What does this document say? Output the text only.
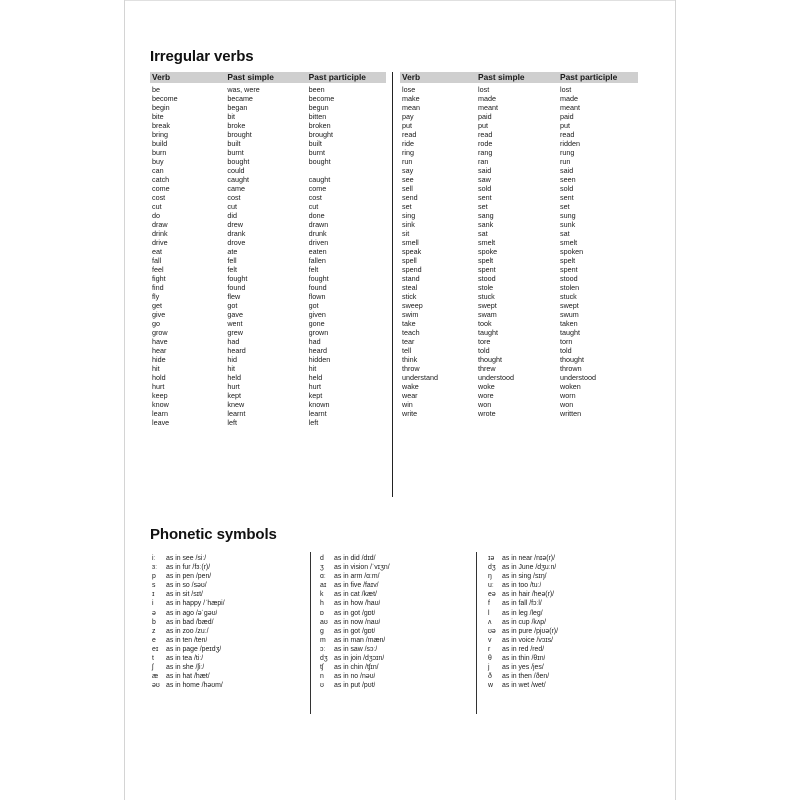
Irregular verbs
Verb	Past simple	Past participle
be	was, were	been
become	became	become
begin	began	begun
bite	bit	bitten
break	broke	broken
bring	brought	brought
build	built	built
burn	burnt	burnt
buy	bought	bought
can	could
catch	caught	caught
come	came	come
cost	cost	cost
cut	cut	cut
do	did	done
draw	drew	drawn
drink	drank	drunk
drive	drove	driven
eat	ate	eaten
fall	fell	fallen
feel	felt	felt
fight	fought	fought
find	found	found
fly	flew	flown
get	got	got
give	gave	given
go	went	gone
grow	grew	grown
have	had	had
hear	heard	heard
hide	hid	hidden
hit	hit	hit
hold	held	held
hurt	hurt	hurt
keep	kept	kept
know	knew	known
learn	learnt	learnt
leave	left	left
Verb	Past simple	Past participle
lose	lost	lost
make	made	made
mean	meant	meant
pay	paid	paid
put	put	put
read	read	read
ride	rode	ridden
ring	rang	rung
run	ran	run
say	said	said
see	saw	seen
sell	sold	sold
send	sent	sent
set	set	set
sing	sang	sung
sink	sank	sunk
sit	sat	sat
smell	smelt	smelt
speak	spoke	spoken
spell	spelt	spelt
spend	spent	spent
stand	stood	stood
steal	stole	stolen
stick	stuck	stuck
sweep	swept	swept
swim	swam	swum
take	took	taken
teach	taught	taught
tear	tore	torn
tell	told	told
think	thought	thought
throw	threw	thrown
understand	understood	understood
wake	woke	woken
wear	wore	worn
win	won	won
write	wrote	written
Phonetic symbols
iː	as in see /siː/
ɜː	as in fur /fɜː(r)/
p	as in pen /pen/
s	as in so /səʊ/
ɪ	as in sit /sɪt/
i	as in happy /ˈhæpi/
ə	as in ago /əˈgəʊ/
b	as in bad /bæd/
z	as in zoo /zuː/
e	as in ten /ten/
eɪ	as in page /peɪdʒ/
t	as in tea /tiː/
ʃ	as in she /ʃiː/
æ	as in hat /hæt/
əʊ as in home /həʊm/
d	as in did /dɪd/
ʒ	as in vision /ˈvɪʒn/
ɑː	as in arm /ɑːm/
aɪ	as in five /faɪv/
k	as in cat /kæt/
h	as in how /haʊ/
ɒ	as in got /gɒt/
aʊ as in now /naʊ/
g	as in got /gɒt/
m	as in man /mæn/
ɔː	as in saw /sɔː/
dʒ as in join /dʒɔɪn/
tʃ	as in chin /tʃɪn/
n	as in no /nəʊ/
ʊ	as in put /pʊt/
ɪə	as in near /nɪə(r)/
dʒ as in June /dʒuːn/
ŋ	as in sing /sɪŋ/
uː	as in too /tuː/
eə as in hair /heə(r)/
f	as in fall /fɔːl/
l	as in leg /leg/
ʌ	as in cup /kʌp/
ʊə as in pure /pjʊə(r)/
v	as in voice /vɔɪs/
r	as in red /red/
θ	as in thin /θɪn/
j	as in yes /jes/
ð	as in then /ðen/
w	as in wet /wet/
